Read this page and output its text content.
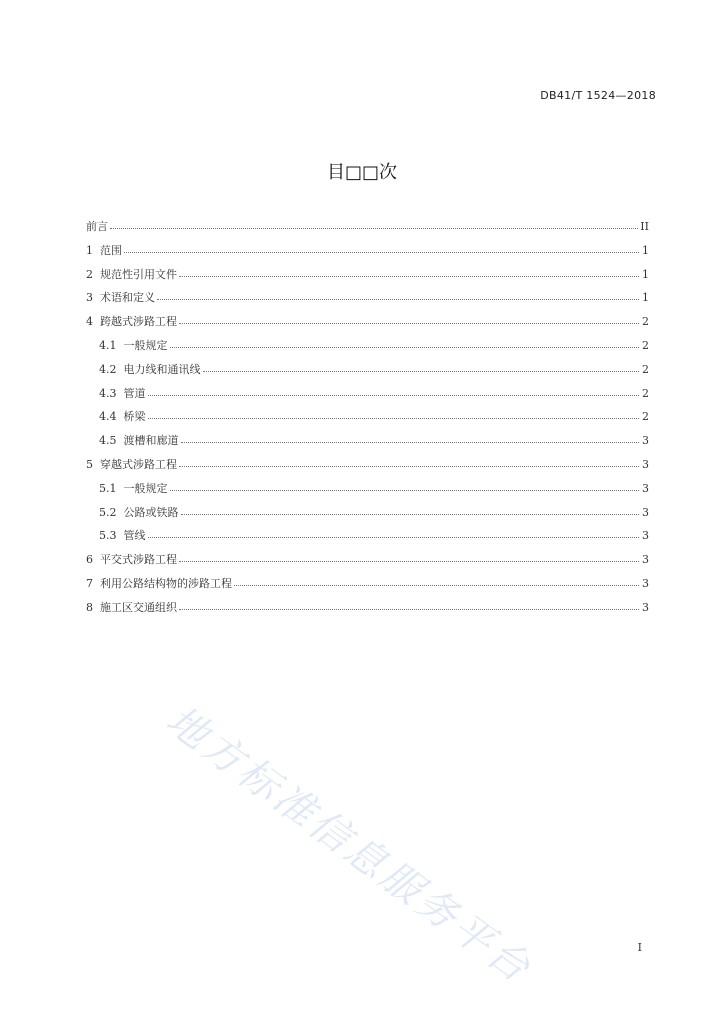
DB41/T 1524—2018
目□□次
前言	II
1 范围	1
2 规范性引用文件	1
3 术语和定义	1
4 跨越式涉路工程	2
4.1 一般规定	2
4.2 电力线和通讯线	2
4.3 管道	2
4.4 桥梁	2
4.5 渡槽和廊道	3
5 穿越式涉路工程	3
5.1 一般规定	3
5.2 公路或铁路	3
5.3 管线	3
6 平交式涉路工程	3
7 利用公路结构物的涉路工程	3
8 施工区交通组织	3
地方标准信息服务平台	I
